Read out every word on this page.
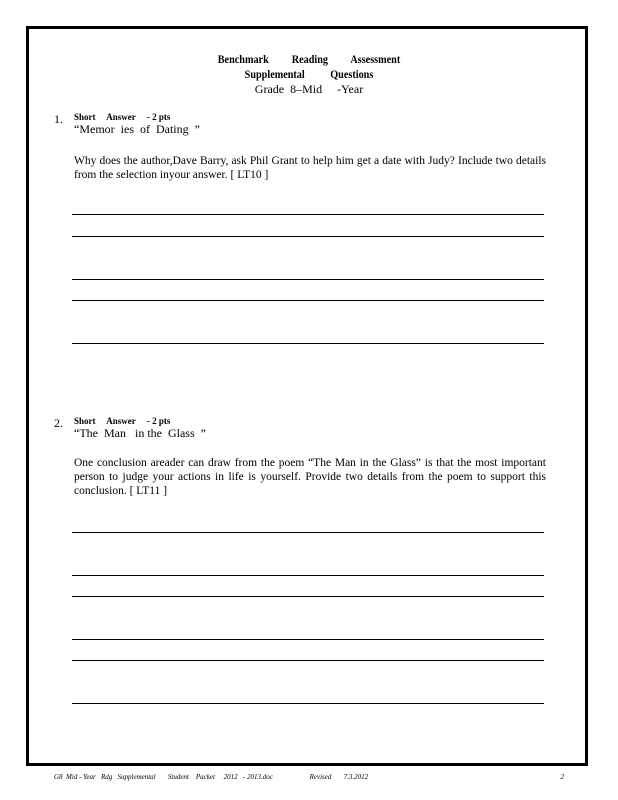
Benchmark         Reading         Assessment
Supplemental          Questions
Grade  8–Mid     -Year
1. Short     Answer     - 2 pts
“Memor  ies  of  Dating  ”
Why does the author,Dave Barry, ask Phil Grant to help him get a date with Judy? Include two details from the selection inyour answer. [ LT10 ]
2. Short     Answer     - 2 pts
“The  Man   in the  Glass  ”
One conclusion areader can draw from the poem “The Man in the Glass” is that the most important person to judge your actions in life is yourself. Provide two details from the poem to support this conclusion. [ LT11 ]
G8  Mid - Year   Rdg   Supplemental       Student    Packet     2012   - 2013.doc                     Revised       7.3.2012	2
